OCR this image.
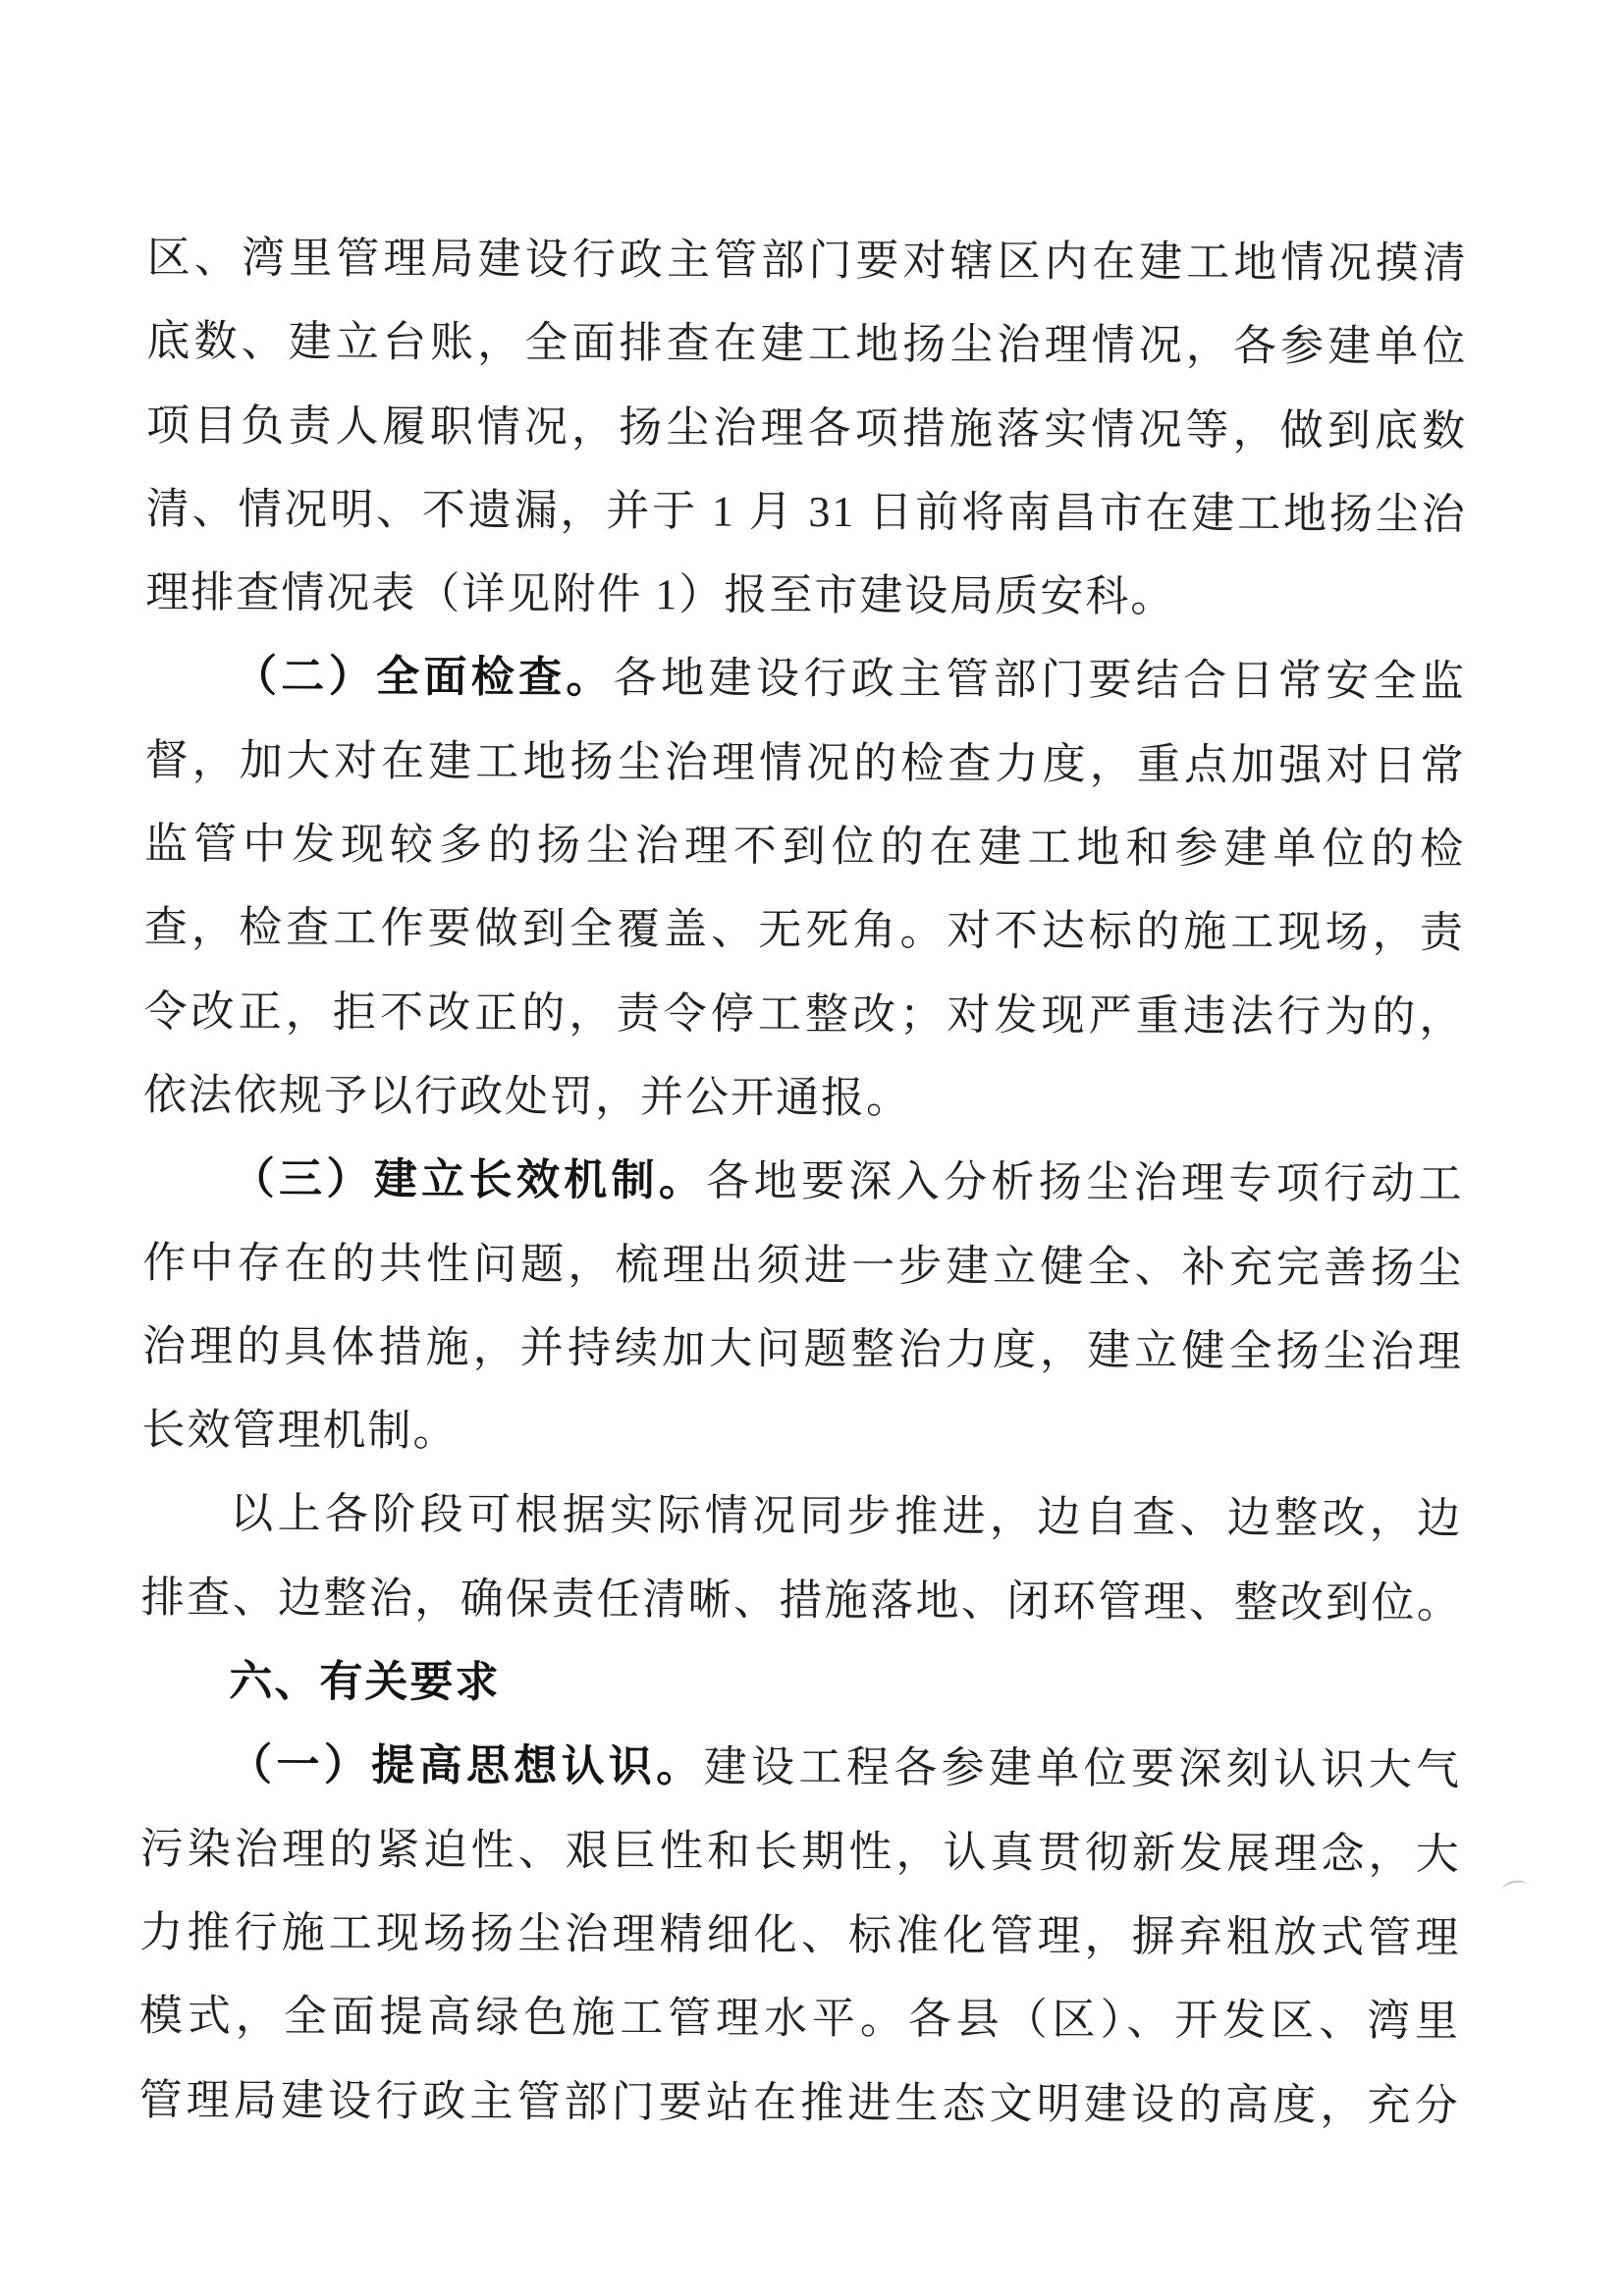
区、湾里管理局建设行政主管部门要对辖区内在建工地情况摸清
底数、建立台账，全面排查在建工地扬尘治理情况，各参建单位
项目负责人履职情况，扬尘治理各项措施落实情况等，做到底数
清、情况明、不遗漏，并于 1 月 31 日前将南昌市在建工地扬尘治
理排查情况表（详见附件 1）报至市建设局质安科。
（二）全面检查。各地建设行政主管部门要结合日常安全监
督，加大对在建工地扬尘治理情况的检查力度，重点加强对日常
监管中发现较多的扬尘治理不到位的在建工地和参建单位的检
查，检查工作要做到全覆盖、无死角。对不达标的施工现场，责
令改正，拒不改正的，责令停工整改；对发现严重违法行为的，
依法依规予以行政处罚，并公开通报。
（三）建立长效机制。各地要深入分析扬尘治理专项行动工
作中存在的共性问题，梳理出须进一步建立健全、补充完善扬尘
治理的具体措施，并持续加大问题整治力度，建立健全扬尘治理
长效管理机制。
以上各阶段可根据实际情况同步推进，边自查、边整改，边
排查、边整治，确保责任清晰、措施落地、闭环管理、整改到位。
六、有关要求
（一）提高思想认识。建设工程各参建单位要深刻认识大气
污染治理的紧迫性、艰巨性和长期性，认真贯彻新发展理念，大
力推行施工现场扬尘治理精细化、标准化管理，摒弃粗放式管理
模式，全面提高绿色施工管理水平。各县（区）、开发区、湾里
管理局建设行政主管部门要站在推进生态文明建设的高度，充分
